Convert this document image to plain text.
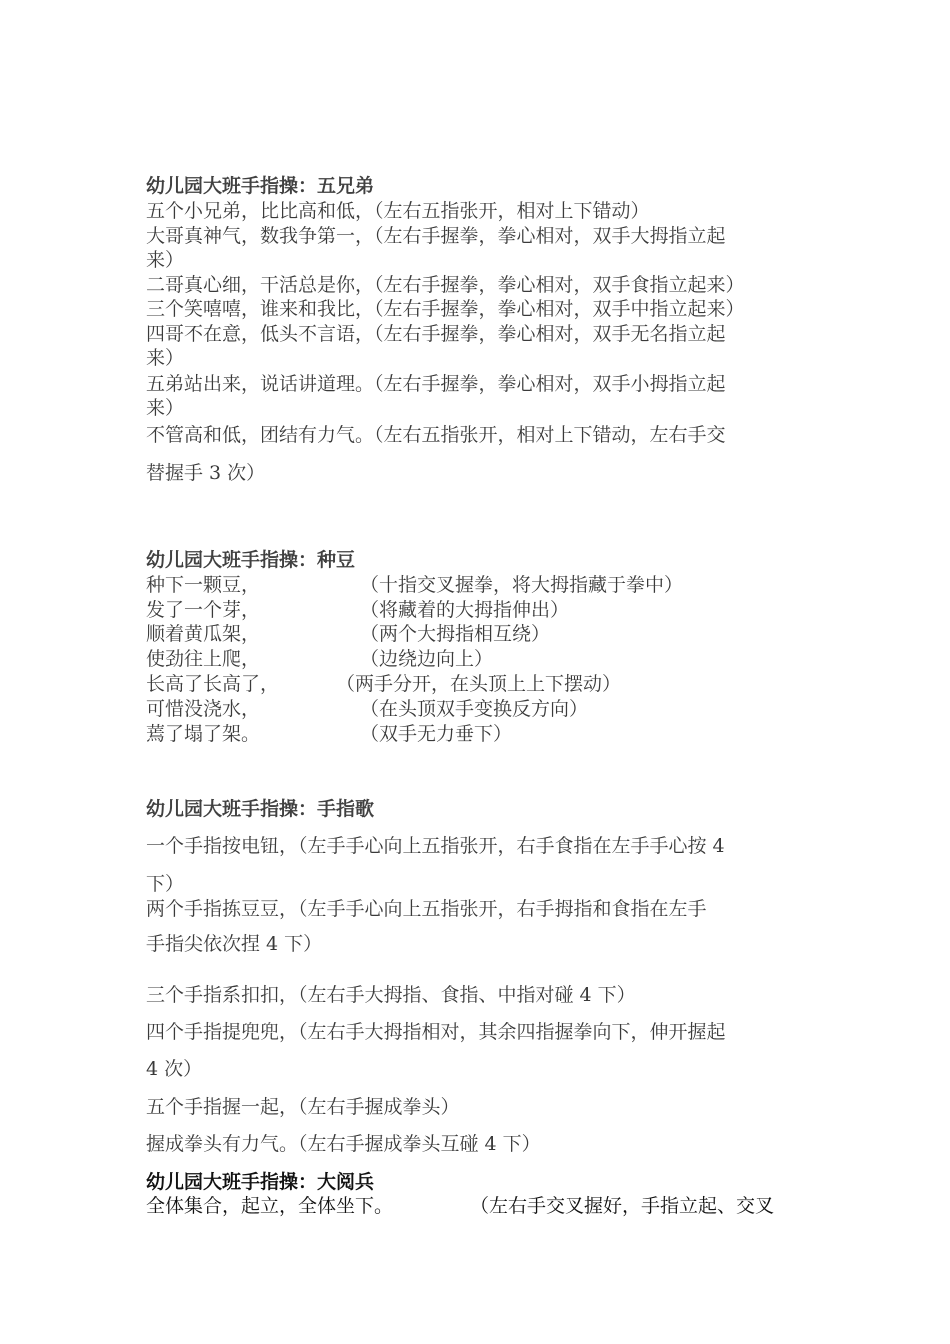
幼儿园大班手指操：五兄弟
五个小兄弟，比比高和低，（左右五指张开，相对上下错动）
大哥真神气，数我争第一，（左右手握拳，拳心相对，双手大拇指立起
来）
二哥真心细，干活总是你，（左右手握拳，拳心相对，双手食指立起来）
三个笑嘻嘻，谁来和我比，（左右手握拳，拳心相对，双手中指立起来）
四哥不在意，低头不言语，（左右手握拳，拳心相对，双手无名指立起
来）
五弟站出来，说话讲道理。（左右手握拳，拳心相对，双手小拇指立起
来）
不管高和低，团结有力气。（左右五指张开，相对上下错动，左右手交
替握手 3 次）
幼儿园大班手指操：种豆
种下一颗豆，	（十指交叉握拳，将大拇指藏于拳中）
发了一个芽，	（将藏着的大拇指伸出）
顺着黄瓜架，	（两个大拇指相互绕）
使劲往上爬，	（边绕边向上）
长高了长高了，	（两手分开，在头顶上上下摆动）
可惜没浇水，	（在头顶双手变换反方向）
蔫了塌了架。	（双手无力垂下）
幼儿园大班手指操：手指歌
一个手指按电钮，（左手手心向上五指张开，右手食指在左手手心按 4
下）
两个手指拣豆豆，（左手手心向上五指张开，右手拇指和食指在左手
手指尖依次捏 4 下）
三个手指系扣扣，（左右手大拇指、食指、中指对碰 4 下）
四个手指提兜兜，（左右手大拇指相对，其余四指握拳向下，伸开握起
4 次）
五个手指握一起，（左右手握成拳头）
握成拳头有力气。（左右手握成拳头互碰 4 下）
幼儿园大班手指操：大阅兵
全体集合，起立，全体坐下。	（左右手交叉握好，手指立起、交叉
